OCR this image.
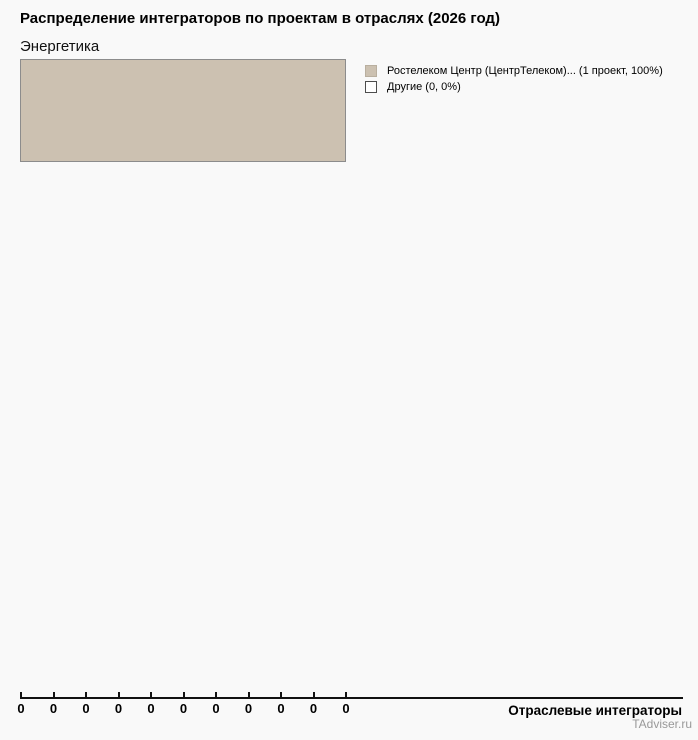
Распределение интеграторов по проектам в отраслях (2026 год)
Энергетика
Ростелеком Центр (ЦентрТелеком)... (1 проект, 100%)
Другие (0, 0%)
0	0	0	0	0	0	0	0	0	0	0	Отраслевые интеграторы
TAdviser.ru
